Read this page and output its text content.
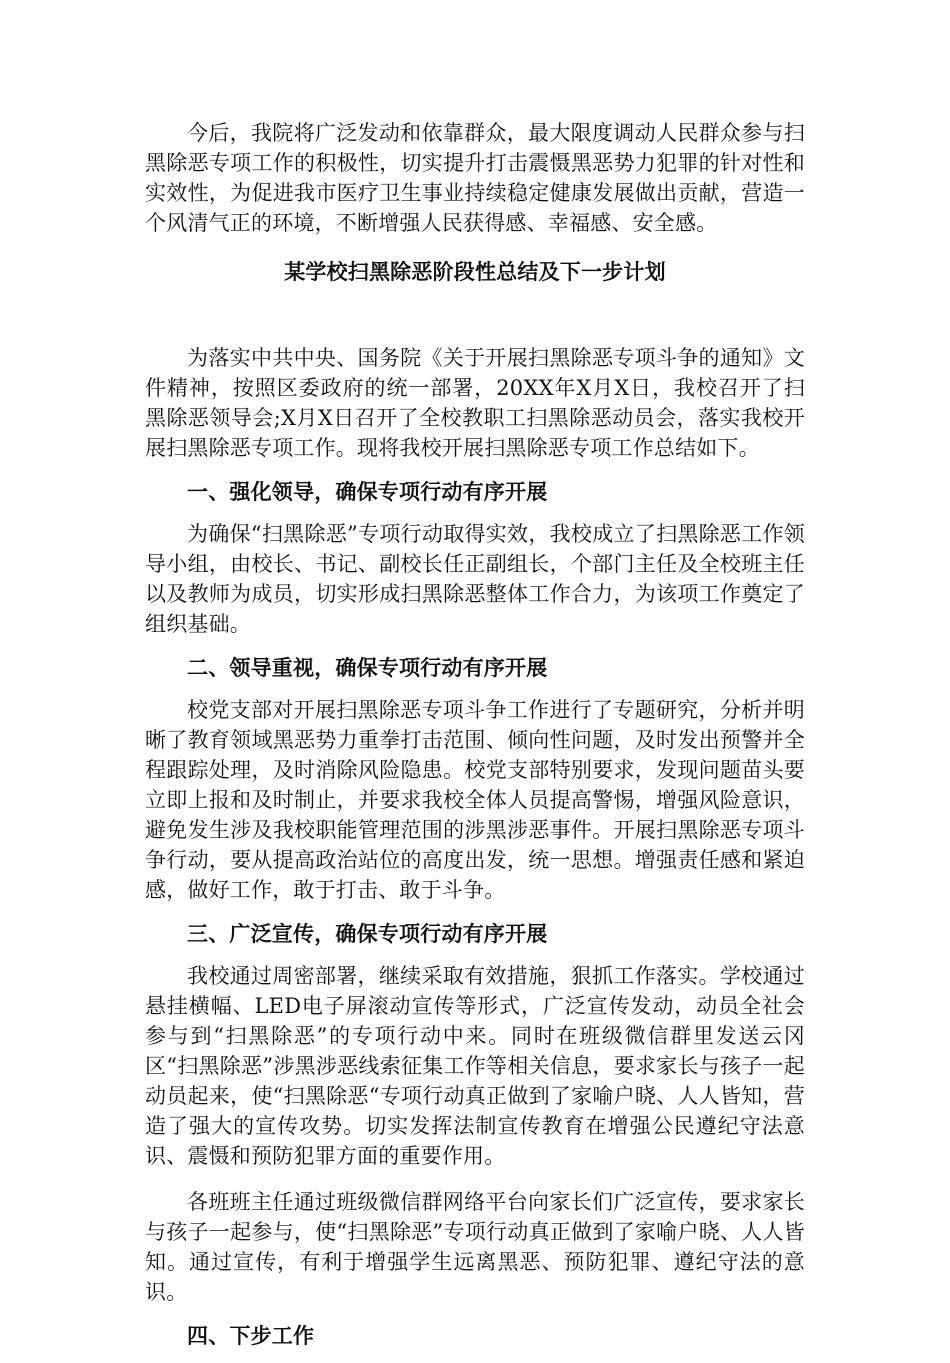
今后，我院将广泛发动和依靠群众，最大限度调动人民群众参与扫黑除恶专项工作的积极性，切实提升打击震慑黑恶势力犯罪的针对性和实效性，为促进我市医疗卫生事业持续稳定健康发展做出贡献，营造一个风清气正的环境，不断增强人民获得感、幸福感、安全感。

某学校扫黑除恶阶段性总结及下一步计划

为落实中共中央、国务院《关于开展扫黑除恶专项斗争的通知》文件精神，按照区委政府的统一部署，20XX年X月X日，我校召开了扫黑除恶领导会;X月X日召开了全校教职工扫黑除恶动员会，落实我校开展扫黑除恶专项工作。现将我校开展扫黑除恶专项工作总结如下。

一、强化领导，确保专项行动有序开展

为确保“扫黑除恶”专项行动取得实效，我校成立了扫黑除恶工作领导小组，由校长、书记、副校长任正副组长，个部门主任及全校班主任以及教师为成员，切实形成扫黑除恶整体工作合力，为该项工作奠定了组织基础。

二、领导重视，确保专项行动有序开展

校党支部对开展扫黑除恶专项斗争工作进行了专题研究，分析并明晰了教育领域黑恶势力重拳打击范围、倾向性问题，及时发出预警并全程跟踪处理，及时消除风险隐患。校党支部特别要求，发现问题苗头要立即上报和及时制止，并要求我校全体人员提高警惕，增强风险意识，避免发生涉及我校职能管理范围的涉黑涉恶事件。开展扫黑除恶专项斗争行动，要从提高政治站位的高度出发，统一思想。增强责任感和紧迫感，做好工作，敢于打击、敢于斗争。

三、广泛宣传，确保专项行动有序开展

我校通过周密部署，继续采取有效措施，狠抓工作落实。学校通过悬挂横幅、LED电子屏滚动宣传等形式，广泛宣传发动，动员全社会参与到“扫黑除恶”的专项行动中来。同时在班级微信群里发送云冈区“扫黑除恶”涉黑涉恶线索征集工作等相关信息，要求家长与孩子一起动员起来，使“扫黑除恶“专项行动真正做到了家喻户晓、人人皆知，营造了强大的宣传攻势。切实发挥法制宣传教育在增强公民遵纪守法意识、震慑和预防犯罪方面的重要作用。

各班班主任通过班级微信群网络平台向家长们广泛宣传，要求家长与孩子一起参与，使“扫黑除恶”专项行动真正做到了家喻户晓、人人皆知。通过宣传，有利于增强学生远离黑恶、预防犯罪、遵纪守法的意识。

四、下步工作
